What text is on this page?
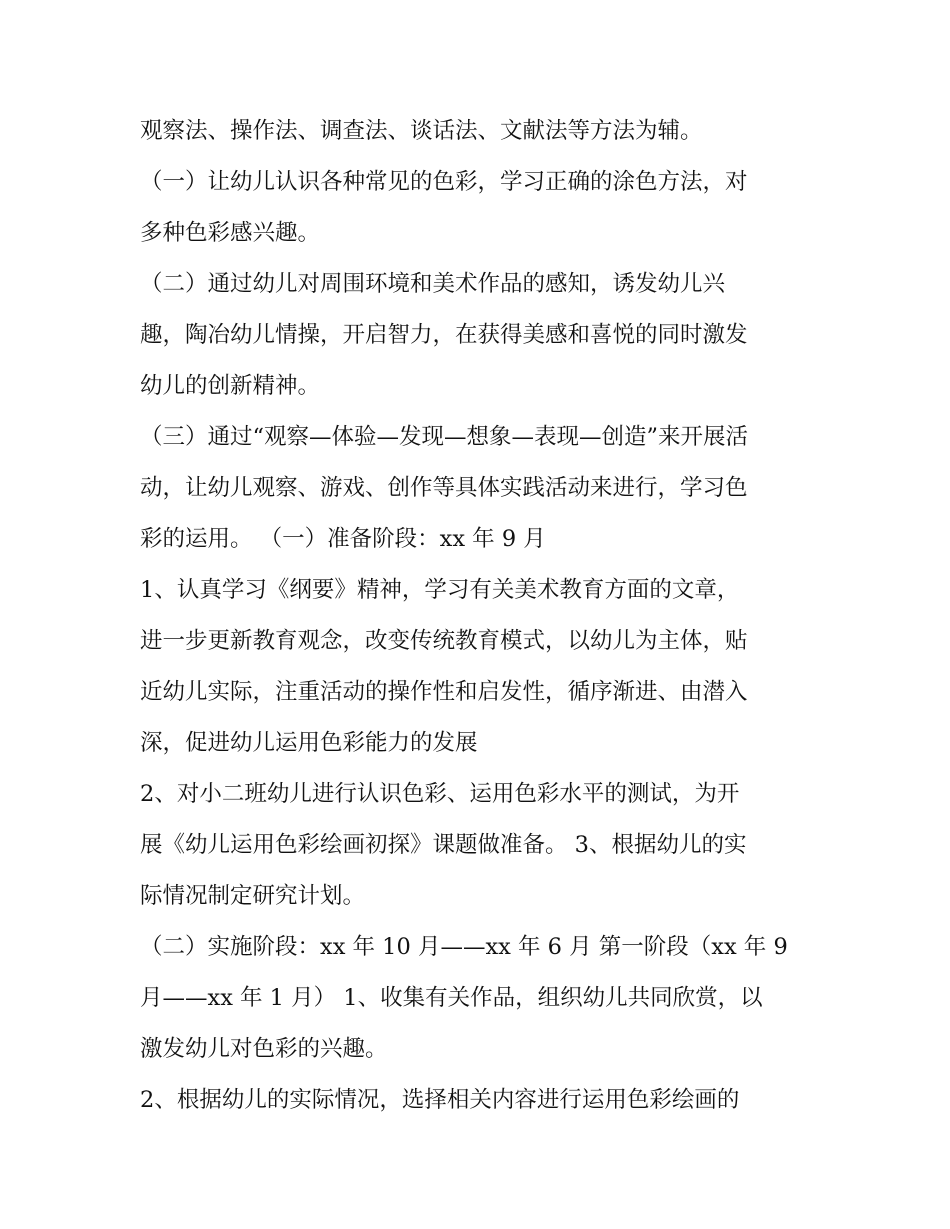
观察法、操作法、调查法、谈话法、文献法等方法为辅。
（一）让幼儿认识各种常见的色彩，学习正确的涂色方法，对
多种色彩感兴趣。
（二）通过幼儿对周围环境和美术作品的感知，诱发幼儿兴
趣，陶冶幼儿情操，开启智力，在获得美感和喜悦的同时激发
幼儿的创新精神。
（三）通过“观察—体验—发现—想象—表现—创造”来开展活
动，让幼儿观察、游戏、创作等具体实践活动来进行，学习色
彩的运用。 （一）准备阶段：xx 年 9 月
1、认真学习《纲要》精神，学习有关美术教育方面的文章，
进一步更新教育观念，改变传统教育模式，以幼儿为主体，贴
近幼儿实际，注重活动的操作性和启发性，循序渐进、由潜入
深，促进幼儿运用色彩能力的发展
2、对小二班幼儿进行认识色彩、运用色彩水平的测试，为开
展《幼儿运用色彩绘画初探》课题做准备。 3、根据幼儿的实
际情况制定研究计划。
（二）实施阶段：xx 年 10 月——xx 年 6 月 第一阶段（xx 年 9
月——xx 年 1 月） 1、收集有关作品，组织幼儿共同欣赏，以
激发幼儿对色彩的兴趣。
2、根据幼儿的实际情况，选择相关内容进行运用色彩绘画的
